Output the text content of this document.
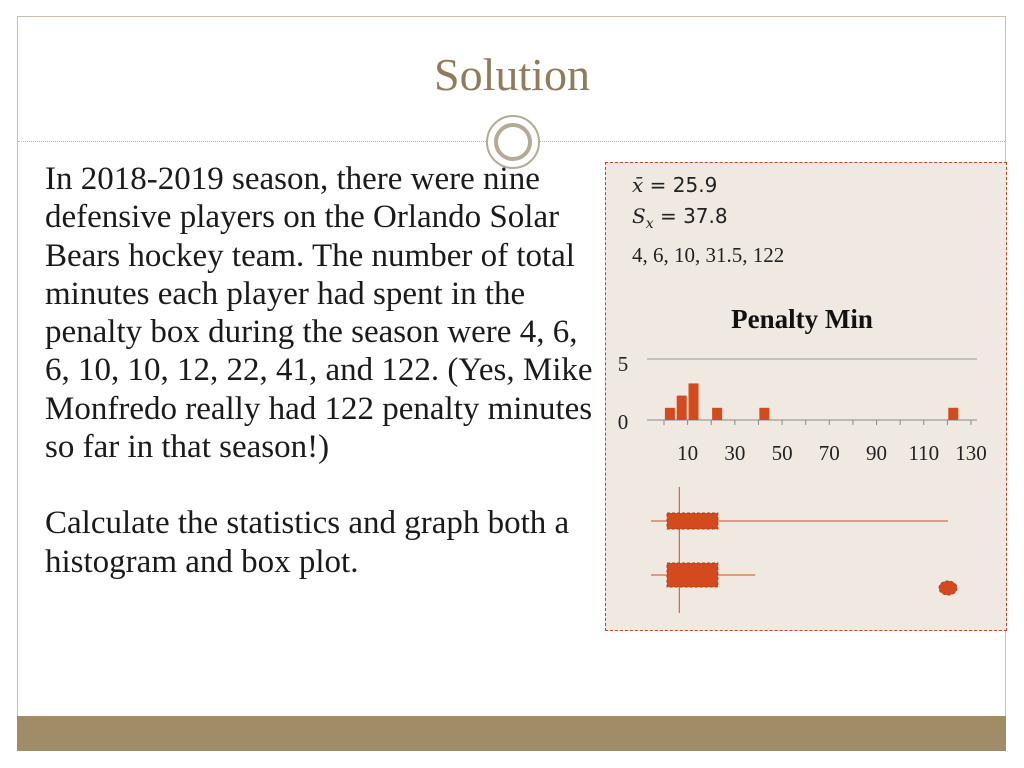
Solution

In 2018-2019 season, there were nine defensive players on the Orlando Solar Bears hockey team. The number of total minutes each player had spent in the penalty box during the season were 4, 6, 6, 10, 10, 12, 22, 41, and 122. (Yes, Mike Monfredo really had 122 penalty minutes so far in that season!)

Calculate the statistics and graph both a histogram and box plot.

x̄ = 25.9
$S_x = 37.8$
4, 6, 10, 31.5, 122
Penalty Min
5
0
10 30 50 70 90 110 130
